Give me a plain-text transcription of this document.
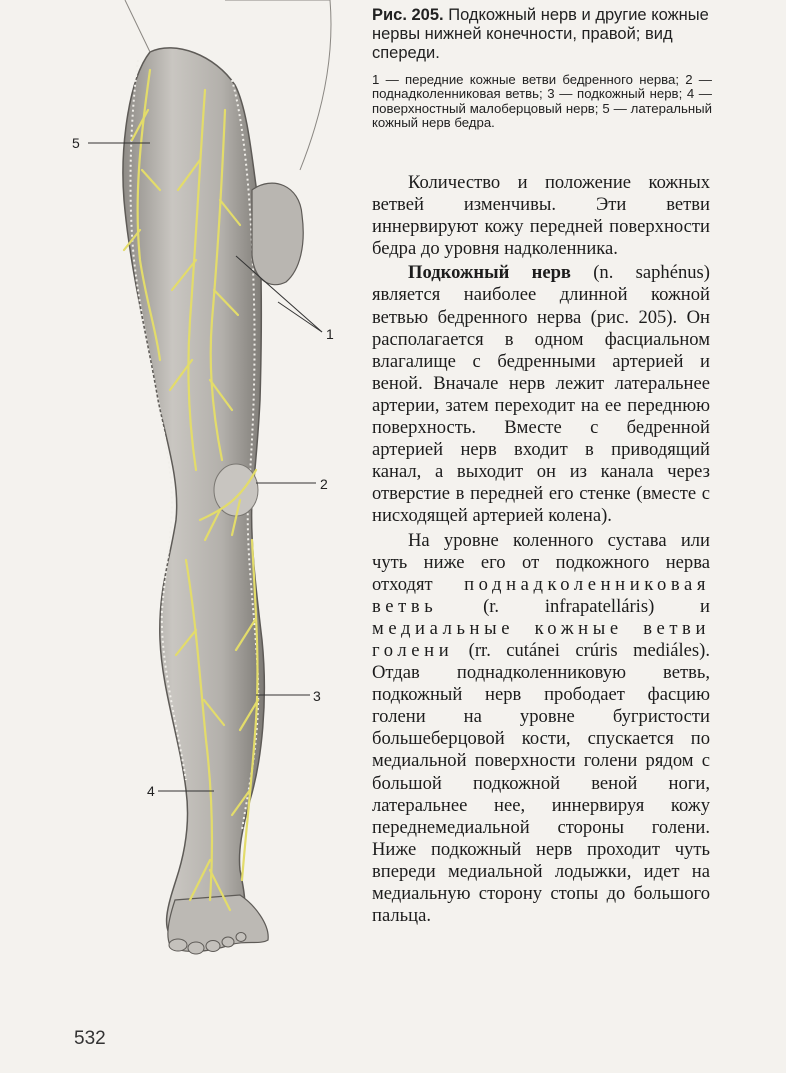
5
1
2
3
4

Рис. 205. Подкожный нерв и другие кожные нервы нижней конечности, правой; вид спереди.

1 — передние кожные ветви бедренного нерва; 2 — поднадколенниковая ветвь; 3 — подкожный нерв; 4 — поверхностный малоберцовый нерв; 5 — латеральный кожный нерв бедра.

Количество и положение кожных ветвей изменчивы. Эти ветви иннервируют кожу передней поверхности бедра до уровня надколенника.

Подкожный нерв (n. saphénus) является наиболее длинной кожной ветвью бедренного нерва (рис. 205). Он располагается в одном фасциальном влагалище с бедренными артерией и веной. Вначале нерв лежит латеральнее артерии, затем переходит на ее переднюю поверхность. Вместе с бедренной артерией нерв входит в приводящий канал, а выходит он из канала через отверстие в передней его стенке (вместе с нисходящей артерией колена).

На уровне коленного сустава или чуть ниже его от подкожного нерва отходят поднадколенниковая ветвь (r. infrapatelláris) и медиальные кожные ветви голени (rr. cutánei crúris mediáles). Отдав поднадколенниковую ветвь, подкожный нерв прободает фасцию голени на уровне бугристости большеберцовой кости, спускается по медиальной поверхности голени рядом с большой подкожной веной ноги, латеральнее нее, иннервируя кожу переднемедиальной стороны голени. Ниже подкожный нерв проходит чуть впереди медиальной лодыжки, идет на медиальную сторону стопы до большого пальца.

532
